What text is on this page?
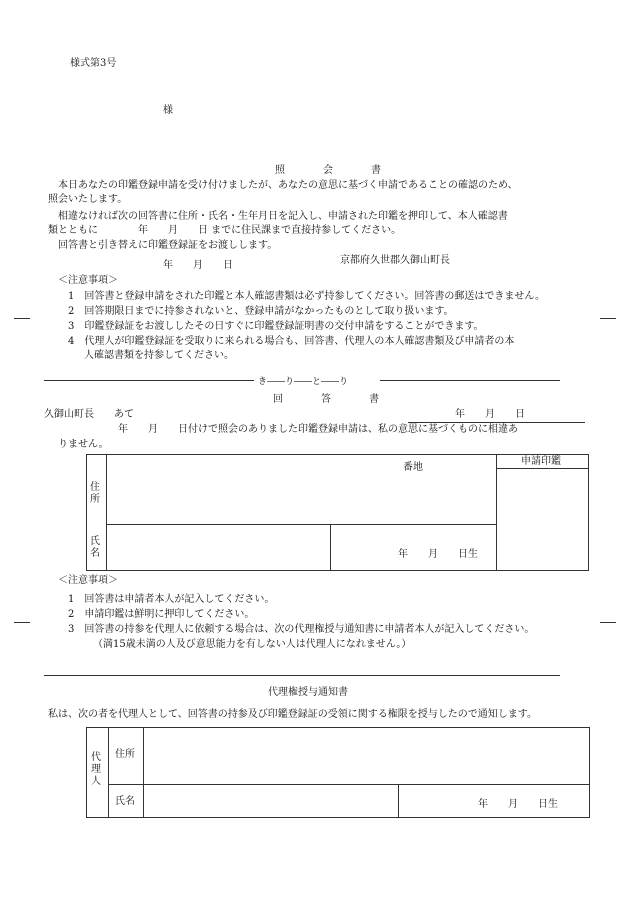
様式第3号
様
照　会　書
本日あなたの印鑑登録申請を受け付けましたが、あなたの意思に基づく申請であることの確認のため、
照会いたします。
相違なければ次の回答書に住所・氏名・生年月日を記入し、申請された印鑑を押印して、本人確認書
類とともに　　　　年　　月　　日 までに住民課まで直接持参してください。
回答書と引き替えに印鑑登録証をお渡しします。
年　　月　　日	京都府久世郡久御山町長
＜注意事項＞
1　回答書と登録申請をされた印鑑と本人確認書類は必ず持参してください。回答書の郵送はできません。
2　回答期限日までに持参されないと、登録申請がなかったものとして取り扱います。
3　印鑑登録証をお渡ししたその日すぐに印鑑登録証明書の交付申請をすることができます。
4　代理人が印鑑登録証を受取りに来られる場合も、回答書、代理人の本人確認書類及び申請者の本
人確認書類を持参してください。
き――り――と――り
回　答　書
久御山町長　　あて	年　　月　　日
年　　月　　日付けで照会のありました印鑑登録申請は、私の意思に基づくものに相違あ
りません。
住所
番地
氏名	年　　月　　日生
申請印鑑
＜注意事項＞
1　回答書は申請者本人が記入してください。
2　申請印鑑は鮮明に押印してください。
3　回答書の持参を代理人に依頼する場合は、次の代理権授与通知書に申請者本人が記入してください。
（満15歳未満の人及び意思能力を有しない人は代理人になれません。）
代理権授与通知書
私は、次の者を代理人として、回答書の持参及び印鑑登録証の受領に関する権限を授与したので通知します。
代理人
住所
氏名	年　　月　　日生
